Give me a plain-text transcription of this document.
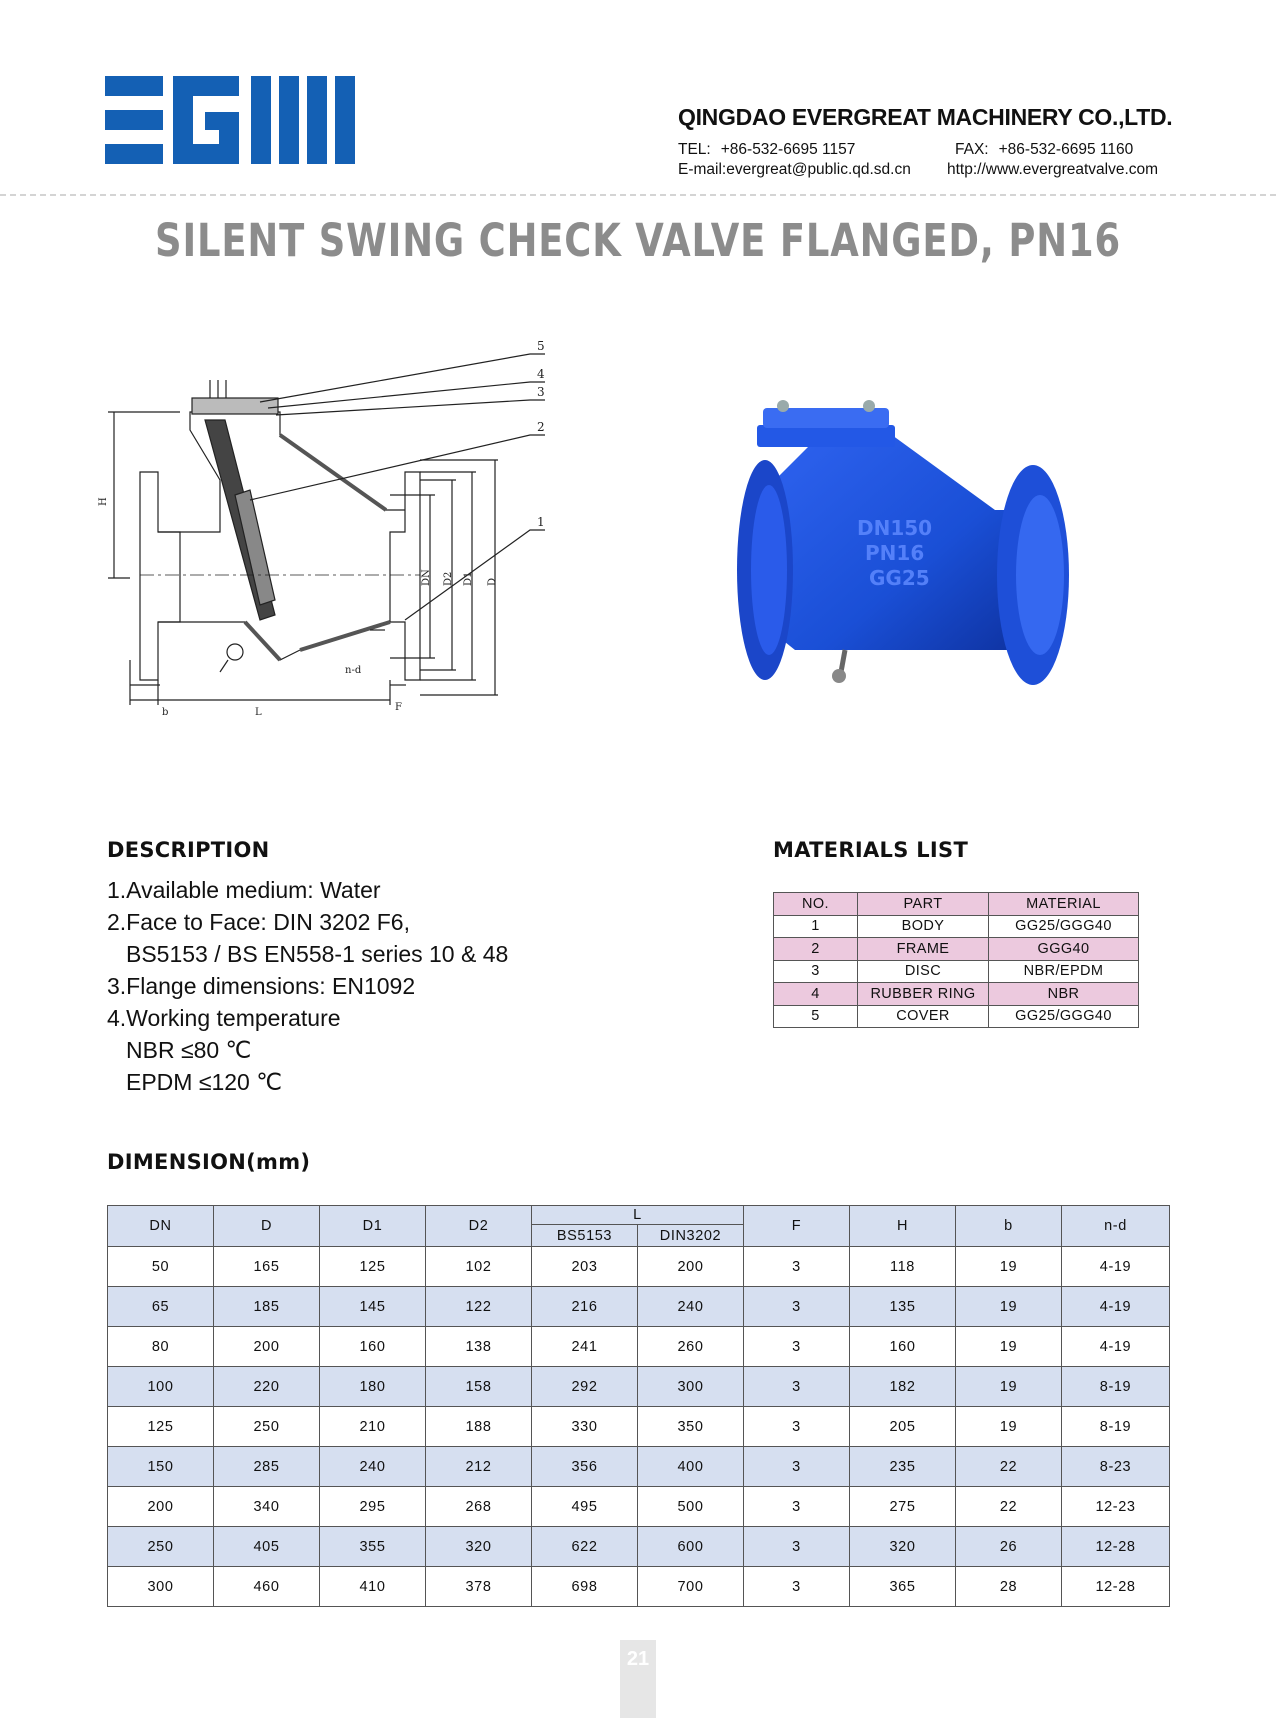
QINGDAO EVERGREAT MACHINERY CO.,LTD.
TEL: +86-532-6695 1157	FAX: +86-532-6695 1160
E-mail:evergreat@public.qd.sd.cn http://www.evergreatvalve.com
SILENT SWING CHECK VALVE FLANGED, PN16
5
4
3
2
1
H
DN D2 D1 D
n-d
b	L	F
DN150
PN16
GG25
DESCRIPTION
1.Available medium: Water
2.Face to Face: DIN 3202 F6,
BS5153 / BS EN558-1 series 10 & 48
3.Flange dimensions: EN1092
4.Working temperature
NBR ≤80 ℃
EPDM ≤120 ℃
MATERIALS LIST
NO.	PART	MATERIAL
1	BODY	GG25/GGG40
2	FRAME	GGG40
3	DISC	NBR/EPDM
4	RUBBER RING	NBR
5	COVER	GG25/GGG40
DIMENSION(mm)
DN	D	D1	D2	L		F	H	b	n-d
				BS5153	DIN3202				
50	165	125	102	203	200	3	118	19	4-19
65	185	145	122	216	240	3	135	19	4-19
80	200	160	138	241	260	3	160	19	4-19
100	220	180	158	292	300	3	182	19	8-19
125	250	210	188	330	350	3	205	19	8-19
150	285	240	212	356	400	3	235	22	8-23
200	340	295	268	495	500	3	275	22	12-23
250	405	355	320	622	600	3	320	26	12-28
300	460	410	378	698	700	3	365	28	12-28
21
